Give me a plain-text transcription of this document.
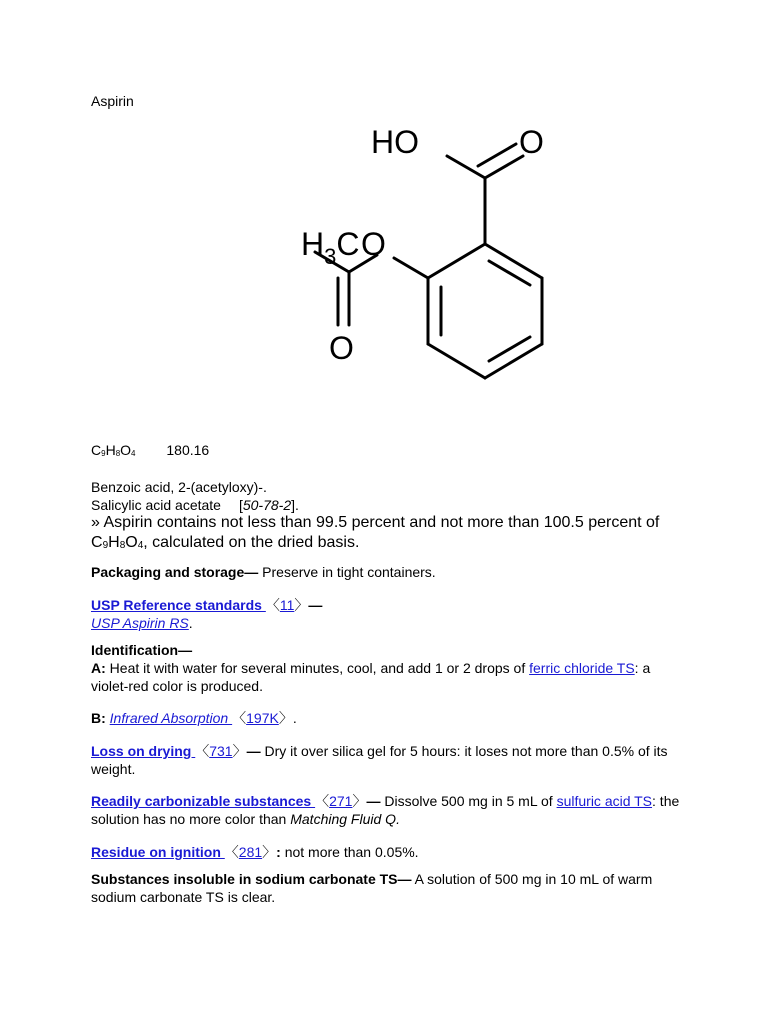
Aspirin
HO	O
O
$H_3C$
O
$C_9H_8O_4$ 180.16
Benzoic acid, 2-(acetyloxy)-.
Salicylic acid acetate [50-78-2].
» Aspirin contains not less than 99.5 percent and not more than 100.5 percent of $C_9H_8O_4$, calculated on the dried basis.
Packaging and storage— Preserve in tight containers.
USP Reference standards 〈11〉—
USP Aspirin RS.
Identification—
A: Heat it with water for several minutes, cool, and add 1 or 2 drops of ferric chloride TS: a violet-red color is produced.
B: Infrared Absorption 〈197K〉.
Loss on drying 〈731〉— Dry it over silica gel for 5 hours: it loses not more than 0.5% of its weight.
Readily carbonizable substances 〈271〉— Dissolve 500 mg in 5 mL of sulfuric acid TS: the solution has no more color than Matching Fluid Q.
Residue on ignition 〈281〉: not more than 0.05%.
Substances insoluble in sodium carbonate TS— A solution of 500 mg in 10 mL of warm sodium carbonate TS is clear.
